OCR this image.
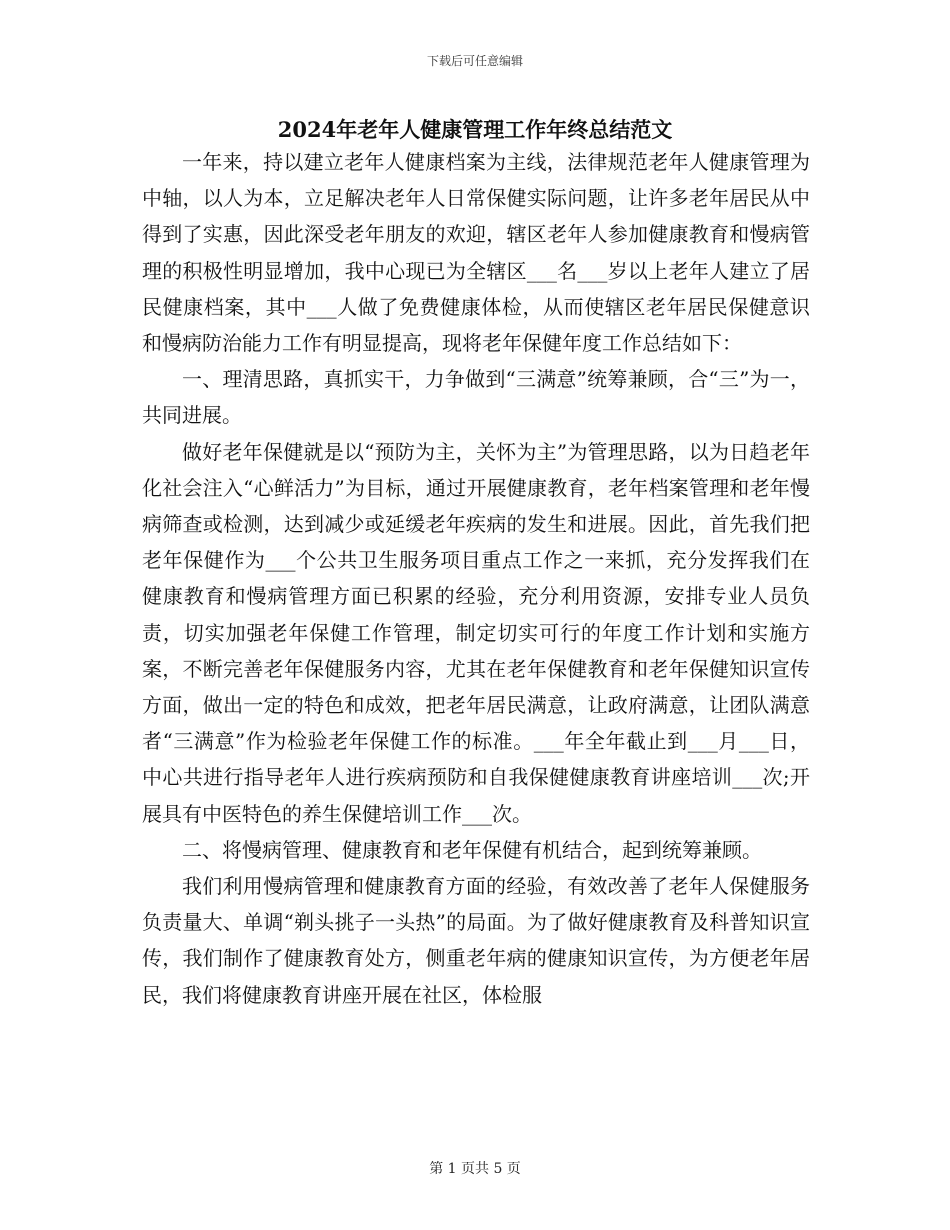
下载后可任意编辑
2024年老年人健康管理工作年终总结范文

一年来，持以建立老年人健康档案为主线，法律规范老年人健康管理为中轴，以人为本，立足解决老年人日常保健实际问题，让许多老年居民从中得到了实惠，因此深受老年朋友的欢迎，辖区老年人参加健康教育和慢病管理的积极性明显增加，我中心现已为全辖区___名___岁以上老年人建立了居民健康档案，其中___人做了免费健康体检，从而使辖区老年居民保健意识和慢病防治能力工作有明显提高，现将老年保健年度工作总结如下：

一、理清思路，真抓实干，力争做到“三满意”统筹兼顾，合“三”为一，共同进展。

做好老年保健就是以“预防为主，关怀为主”为管理思路，以为日趋老年化社会注入“心鲜活力”为目标，通过开展健康教育，老年档案管理和老年慢病筛查或检测，达到减少或延缓老年疾病的发生和进展。因此，首先我们把老年保健作为___个公共卫生服务项目重点工作之一来抓，充分发挥我们在健康教育和慢病管理方面已积累的经验，充分利用资源，安排专业人员负责，切实加强老年保健工作管理，制定切实可行的年度工作计划和实施方案，不断完善老年保健服务内容，尤其在老年保健教育和老年保健知识宣传方面，做出一定的特色和成效，把老年居民满意，让政府满意，让团队满意者“三满意”作为检验老年保健工作的标准。___年全年截止到___月___日，中心共进行指导老年人进行疾病预防和自我保健健康教育讲座培训___次;开展具有中医特色的养生保健培训工作___次。

二、将慢病管理、健康教育和老年保健有机结合，起到统筹兼顾。

我们利用慢病管理和健康教育方面的经验，有效改善了老年人保健服务负责量大、单调“剃头挑子一头热”的局面。为了做好健康教育及科普知识宣传，我们制作了健康教育处方，侧重老年病的健康知识宣传，为方便老年居民，我们将健康教育讲座开展在社区，体检服

第 1 页共 5 页
